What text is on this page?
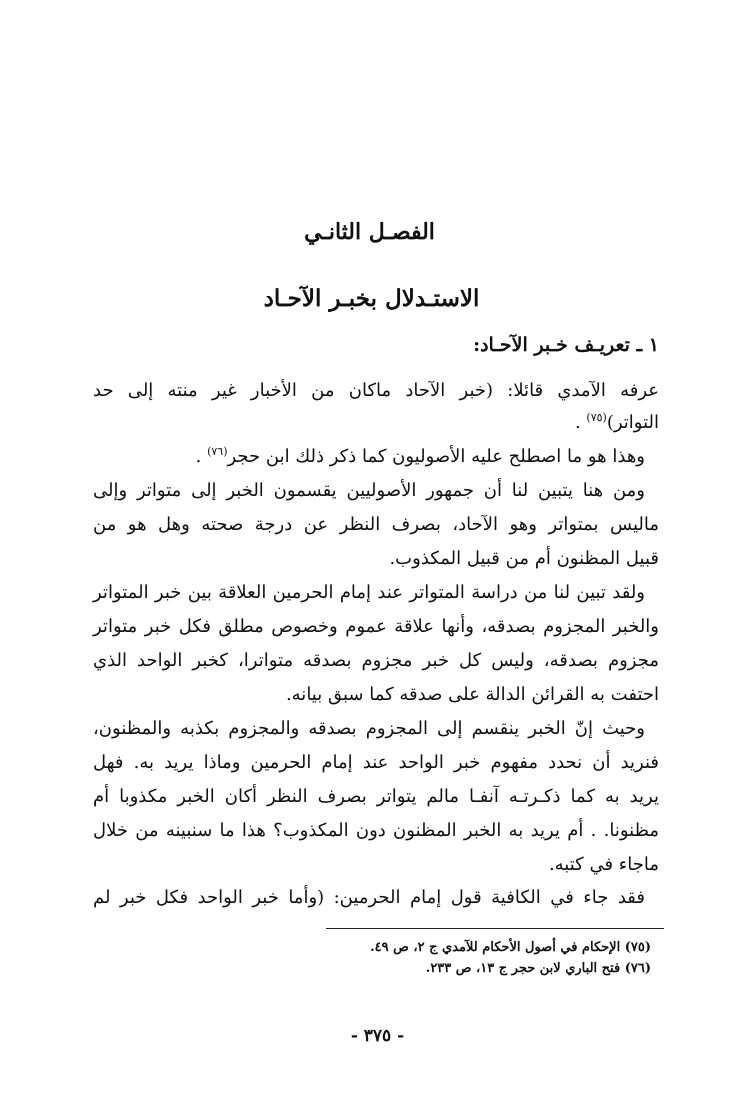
الفصـل الثانـي
الاستـدلال بخبـر الآحـاد
١ ـ تعريـف خـبر الآحـاد:
عرفه الآمدي قائلا: (خبر الآحاد ماكان من الأخبار غير منته إلى حد
التواتر)$^{(٧٥)}$ .
وهذا هو ما اصطلح عليه الأصوليون كما ذكر ذلك ابن حجر$^{(٧٦)}$ .
ومن هنا يتبين لنا أن جمهور الأصوليين يقسمون الخبر إلى متواتر وإلى
ماليس بمتواتر وهو الآحاد، بصرف النظر عن درجة صحته وهل هو من
قبيل المظنون أم من قبيل المكذوب.
ولقد تبين لنا من دراسة المتواتر عند إمام الحرمين العلاقة بين خبر المتواتر
والخبر المجزوم بصدقه، وأنها علاقة عموم وخصوص مطلق فكل خبر متواتر
مجزوم بصدقه، وليس كل خبر مجزوم بصدقه متواترا، كخبر الواحد الذي
احتفت به القرائن الدالة على صدقه كما سبق بيانه.
وحيث إنّ الخبر ينقسم إلى المجزوم بصدقه والمجزوم بكذبه والمظنون،
فنريد أن نحدد مفهوم خبر الواحد عند إمام الحرمين وماذا يريد به. فهل
يريد به كما ذكـرتـه آنفـا مالم يتواتر بصرف النظر أكان الخبر مكذوبا أم
مظنونا. . أم يريد به الخبر المظنون دون المكذوب؟ هذا ما سنبينه من خلال
ماجاء في كتبه.
فقد جاء في الكافية قول إمام الحرمين: (وأما خبر الواحد فكل خبر لم
(٧٥) الإحكام في أصول الأحكام للآمدي ج ٢، ص ٤٩.
(٧٦) فتح الباري لابن حجر ج ١٣، ص ٢٣٣.
- ٣٧٥ -
